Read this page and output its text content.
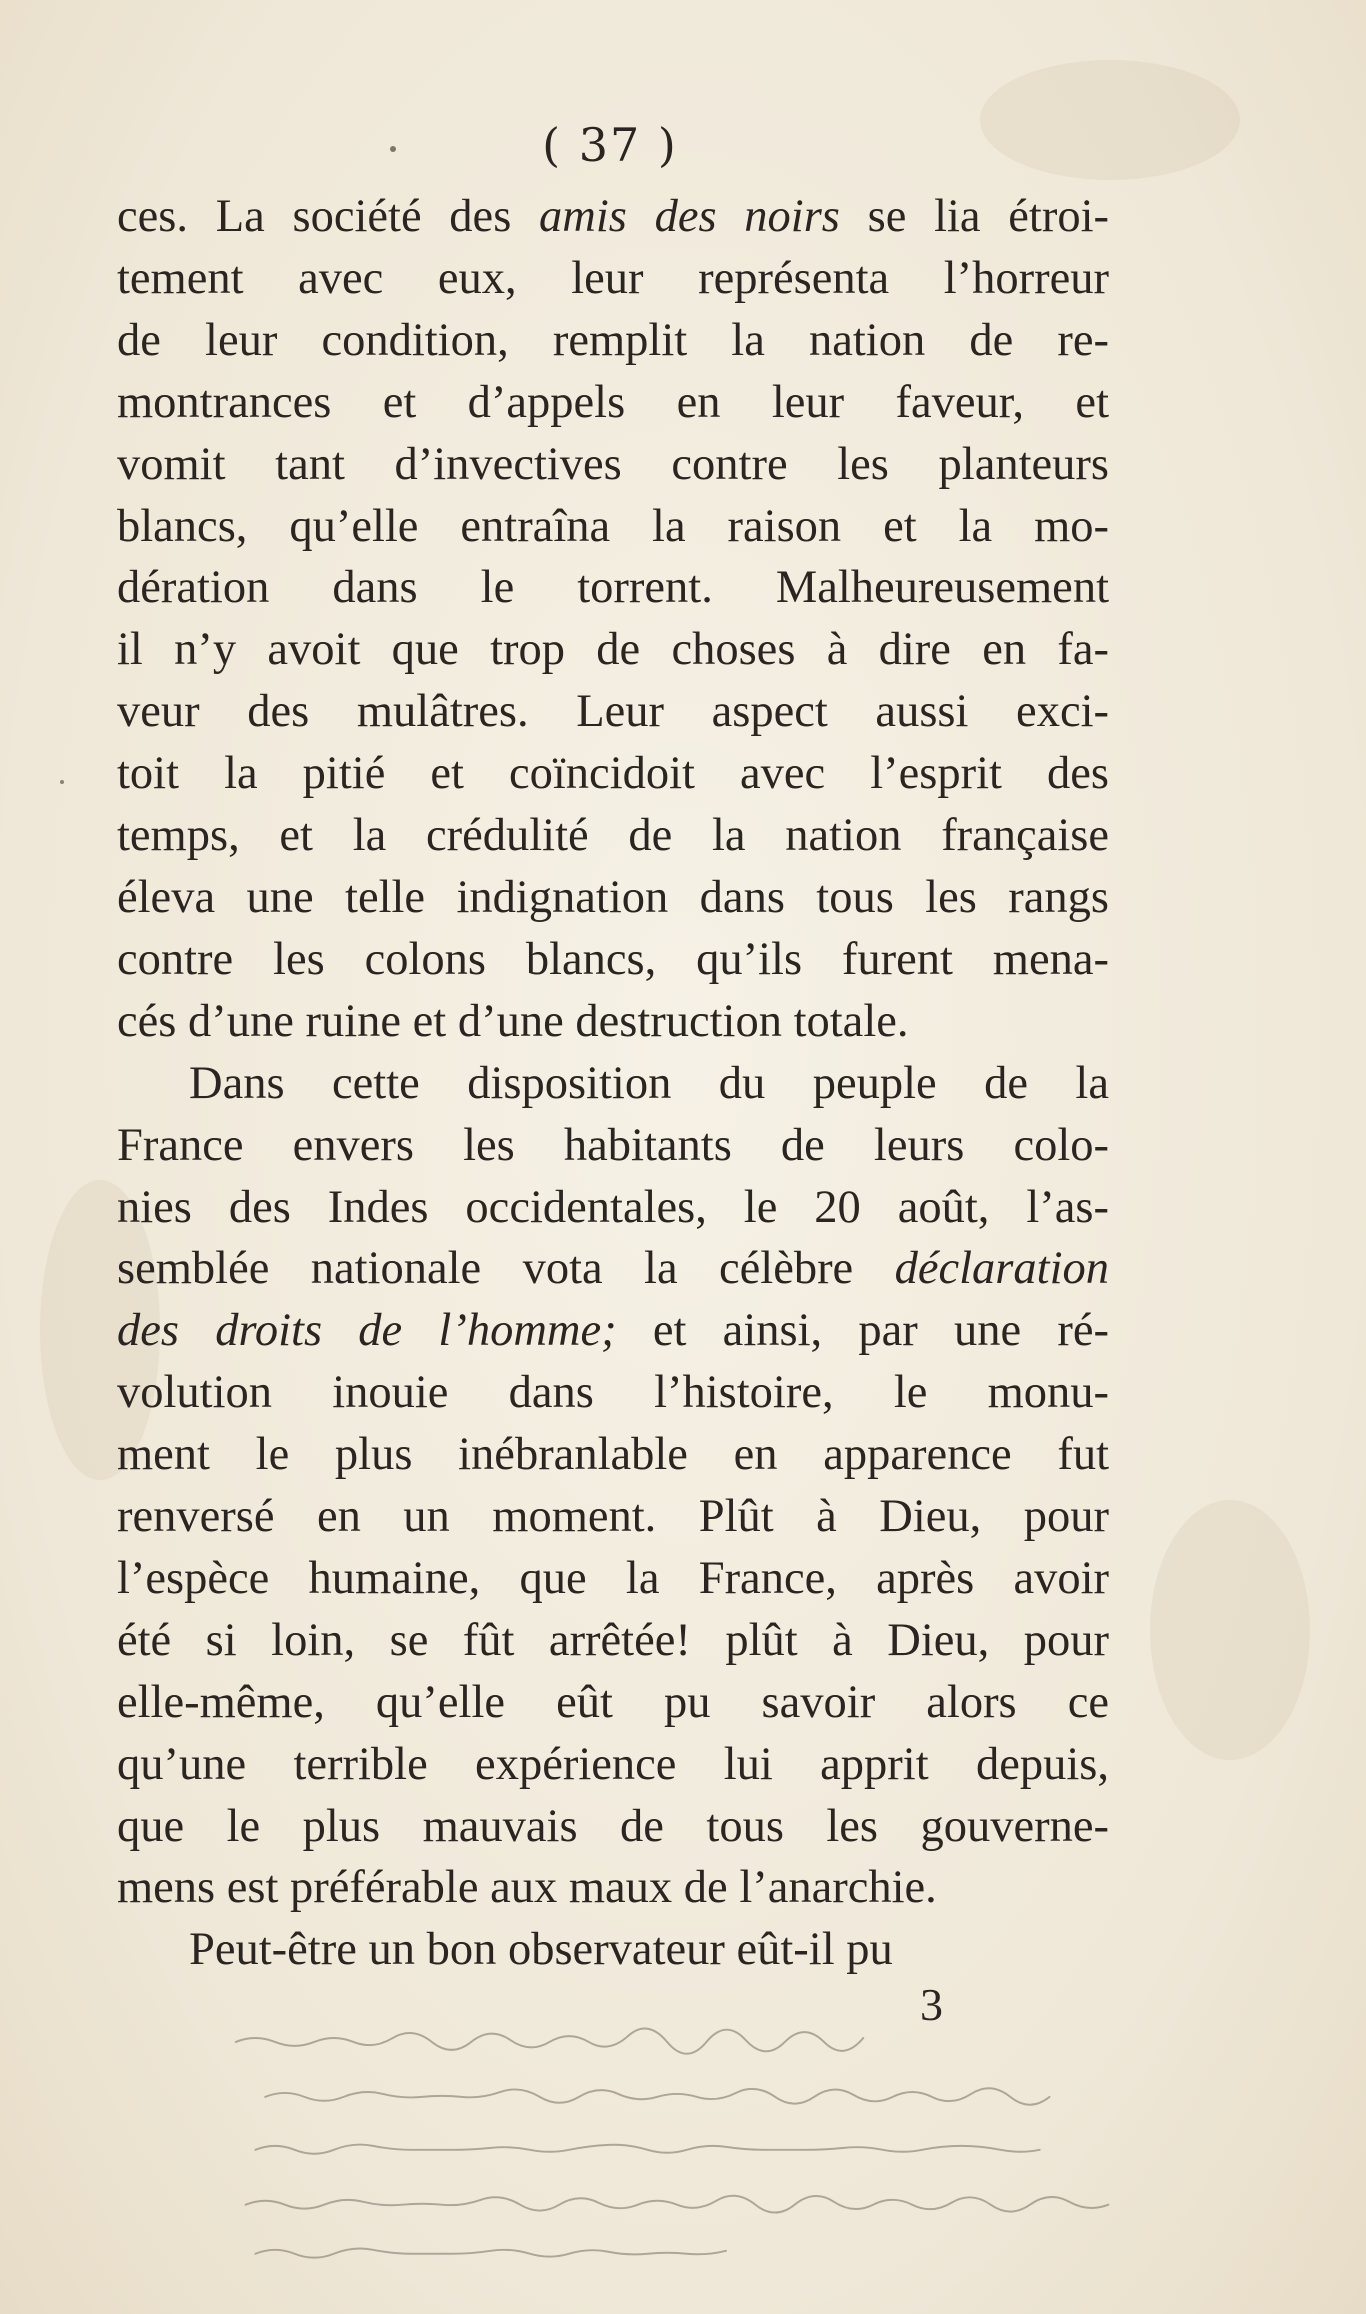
( 37 )
ces. La société des amis des noirs se lia étroi-
tement avec eux, leur représenta l’horreur
de leur condition, remplit la nation de re-
montrances et d’appels en leur faveur, et
vomit tant d’invectives contre les planteurs
blancs, qu’elle entraîna la raison et la mo-
dération dans le torrent. Malheureusement
il n’y avoit que trop de choses à dire en fa-
veur des mulâtres. Leur aspect aussi exci-
toit la pitié et coïncidoit avec l’esprit des
temps, et la crédulité de la nation française
éleva une telle indignation dans tous les rangs
contre les colons blancs, qu’ils furent mena-
cés d’une ruine et d’une destruction totale.
Dans cette disposition du peuple de la
France envers les habitants de leurs colo-
nies des Indes occidentales, le 20 août, l’as-
semblée nationale vota la célèbre déclaration
des droits de l’homme; et ainsi, par une ré-
volution inouie dans l’histoire, le monu-
ment le plus inébranlable en apparence fut
renversé en un moment. Plût à Dieu, pour
l’espèce humaine, que la France, après avoir
été si loin, se fût arrêtée! plût à Dieu, pour
elle-même, qu’elle eût pu savoir alors ce
qu’une terrible expérience lui apprit depuis,
que le plus mauvais de tous les gouverne-
mens est préférable aux maux de l’anarchie.
Peut-être un bon observateur eût-il pu
3
